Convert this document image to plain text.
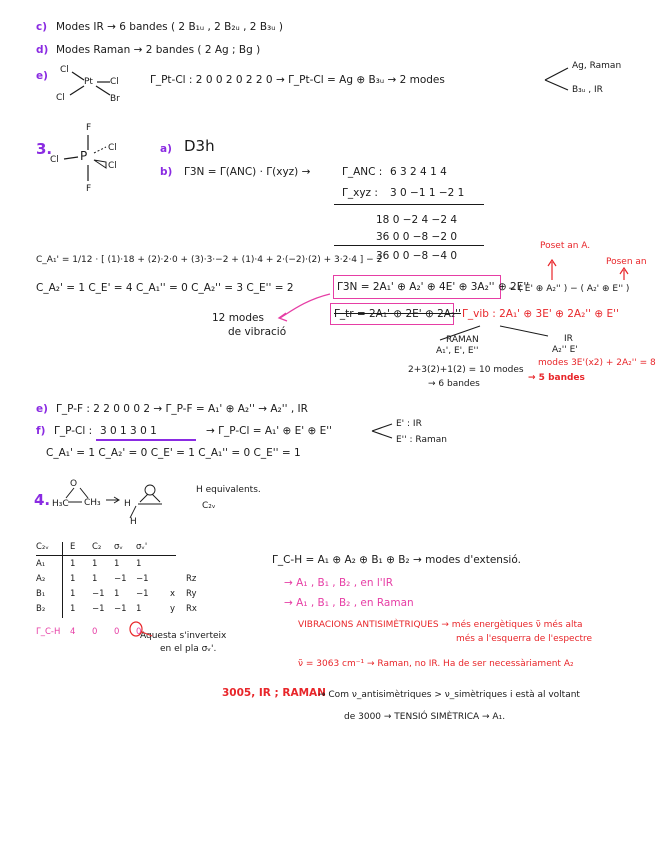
c) Modes IR → 6 bandes ( 2 B₁ᵤ , 2 B₂ᵤ , 2 B₃ᵤ )
d) Modes Raman → 2 bandes ( 2 Ag ; Bg )
e) Cl
Pt Cl
Cl	Br
Γ_Pt-Cl : 2 0 0 2 0 2 2 0 → Γ_Pt-Cl = Ag ⊕ B₃ᵤ → 2 modes
Ag, Raman
B₃ᵤ , IR
3.
F
Cl P
Cl
Cl
F
a) D3h
b) Γ3N = Γ(ANC) · Γ(xyz) →	Γ_ANC : 6 3 2 4 1 4
Γ_xyz : 3 0 −1 1 −2 1
18 0 −2 4 −2 4
36 0 0 −8 −2 0
36 0 0 −8 −4 0
Poset an A.
Posen an
C_A₁' = 1/12 · [ (1)·18 + (2)·2·0 + (3)·3·−2 + (1)·4 + 2·(−2)·(2) + 3·2·4 ] − 2
C_A₂' = 1 C_E' = 4 C_A₁'' = 0 C_A₂'' = 3 C_E'' = 2	Γ3N = 2A₁' ⊕ A₂' ⊕ 4E' ⊕ 3A₂'' ⊕ 2E''
− ( E' ⊕ A₂'' ) − ( A₂' ⊕ E'' )
Γ_tr = 2A₁' ⊕ 2E' ⊕ 2A₂'' Γ_vib : 2A₁' ⊕ 3E' ⊕ 2A₂'' ⊕ E''
12 modes
de vibració
RAMAN
A₁', E', E''
IR
A₂'' E'
2+3(2)+1(2) = 10 modes
→ 6 bandes
modes 3E'(x2) + 2A₂'' = 8
→ 5 bandes
e) Γ_P-F : 2 2 0 0 0 2 → Γ_P-F = A₁' ⊕ A₂'' → A₂'' , IR
f) Γ_P-Cl : 3 0 1 3 0 1	→ Γ_P-Cl = A₁' ⊕ E' ⊕ E''
E' : IR
E'' : Raman
C_A₁' = 1 C_A₂' = 0 C_E' = 1 C_A₁'' = 0 C_E'' = 1
4. H₃C CH₃
O
H
H
H equivalents.
C₂ᵥ
C₂ᵥ E C₂ σᵥ σᵥ'
A₁	1 1 1 1
A₂	1 1 −1 −1	Rz
B₁	1 −1 1 −1	x Ry
B₂	1 −1 −1 1	y Rx
Γ_C-H 4 0 0 0
Aquesta s'inverteix
en el pla σᵥ'.
Γ_C-H = A₁ ⊕ A₂ ⊕ B₁ ⊕ B₂ → modes d'extensió.
→ A₁ , B₁ , B₂ , en l'IR
→ A₁ , B₁ , B₂ , en Raman
VIBRACIONS ANTISIMÈTRIQUES → més energètiques ν̃ més alta
més a l'esquerra de l'espectre
ν̃ = 3063 cm⁻¹ → Raman, no IR. Ha de ser necessàriament A₂
3005, IR ; RAMAN
→ Com ν_antisimètriques > ν_simètriques i està al voltant
de 3000 → TENSIÓ SIMÈTRICA → A₁.
